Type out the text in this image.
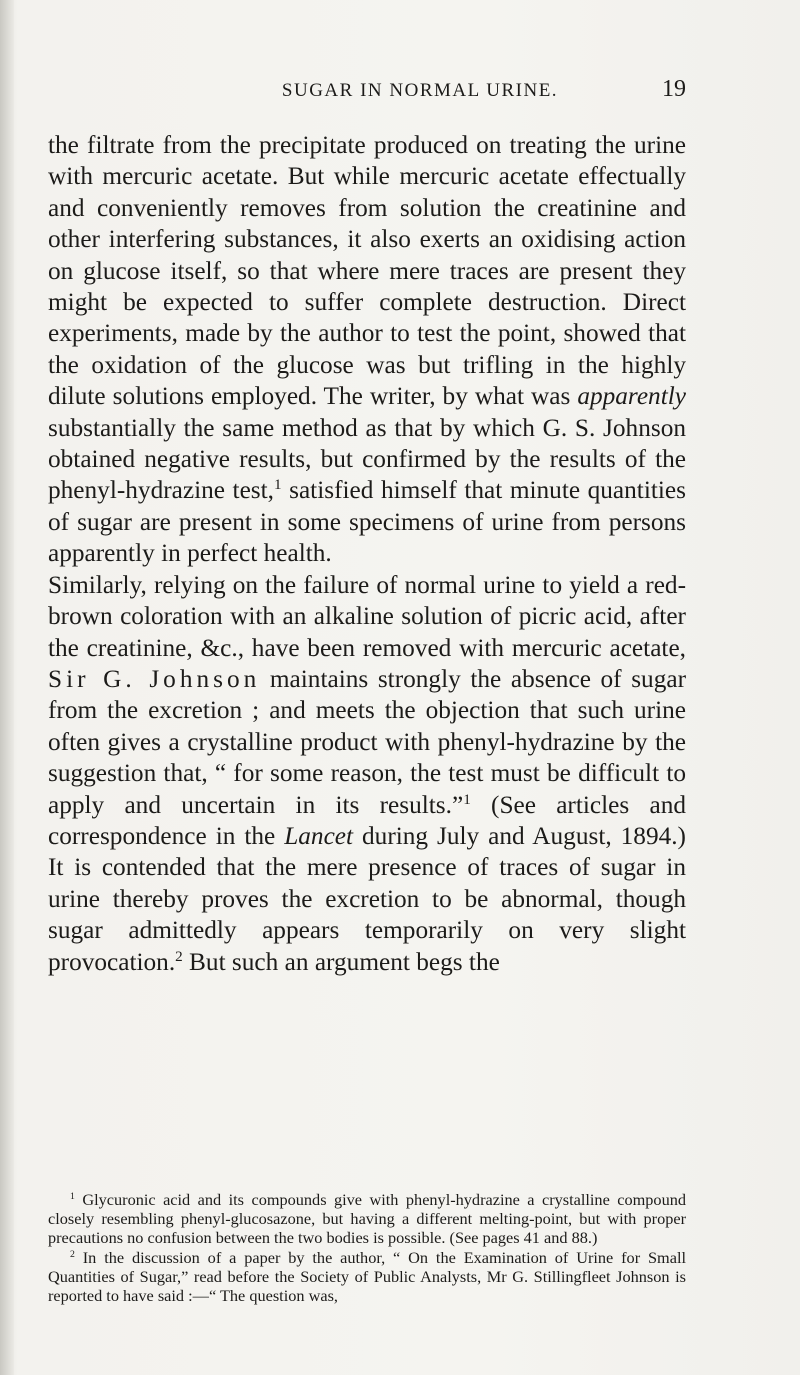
SUGAR IN NORMAL URINE.	19

the filtrate from the precipitate produced on treating the urine with mercuric acetate. But while mercuric acetate effectually and conveniently removes from solution the creatinine and other interfering substances, it also exerts an oxidising action on glucose itself, so that where mere traces are present they might be expected to suffer complete destruction. Direct experiments, made by the author to test the point, showed that the oxidation of the glucose was but trifling in the highly dilute solutions employed. The writer, by what was apparently substantially the same method as that by which G. S. Johnson obtained negative results, but confirmed by the results of the phenyl-hydrazine test,$^1$ satisfied himself that minute quantities of sugar are present in some specimens of urine from persons apparently in perfect health.

Similarly, relying on the failure of normal urine to yield a red-brown coloration with an alkaline solution of picric acid, after the creatinine, &c., have been removed with mercuric acetate, Sir G. Johnson maintains strongly the absence of sugar from the excretion ; and meets the objection that such urine often gives a crystalline product with phenyl-hydrazine by the suggestion that, “ for some reason, the test must be difficult to apply and uncertain in its results.”$^1$ (See articles and correspondence in the Lancet during July and August, 1894.) It is contended that the mere presence of traces of sugar in urine thereby proves the excretion to be abnormal, though sugar admittedly appears temporarily on very slight provocation.$^2$ But such an argument begs the

$^1$ Glycuronic acid and its compounds give with phenyl-hydrazine a crystalline compound closely resembling phenyl-glucosazone, but having a different melting-point, but with proper precautions no confusion between the two bodies is possible. (See pages 41 and 88.)

$^2$ In the discussion of a paper by the author, “ On the Examination of Urine for Small Quantities of Sugar,” read before the Society of Public Analysts, Mr G. Stillingfleet Johnson is reported to have said :—“ The question was,
